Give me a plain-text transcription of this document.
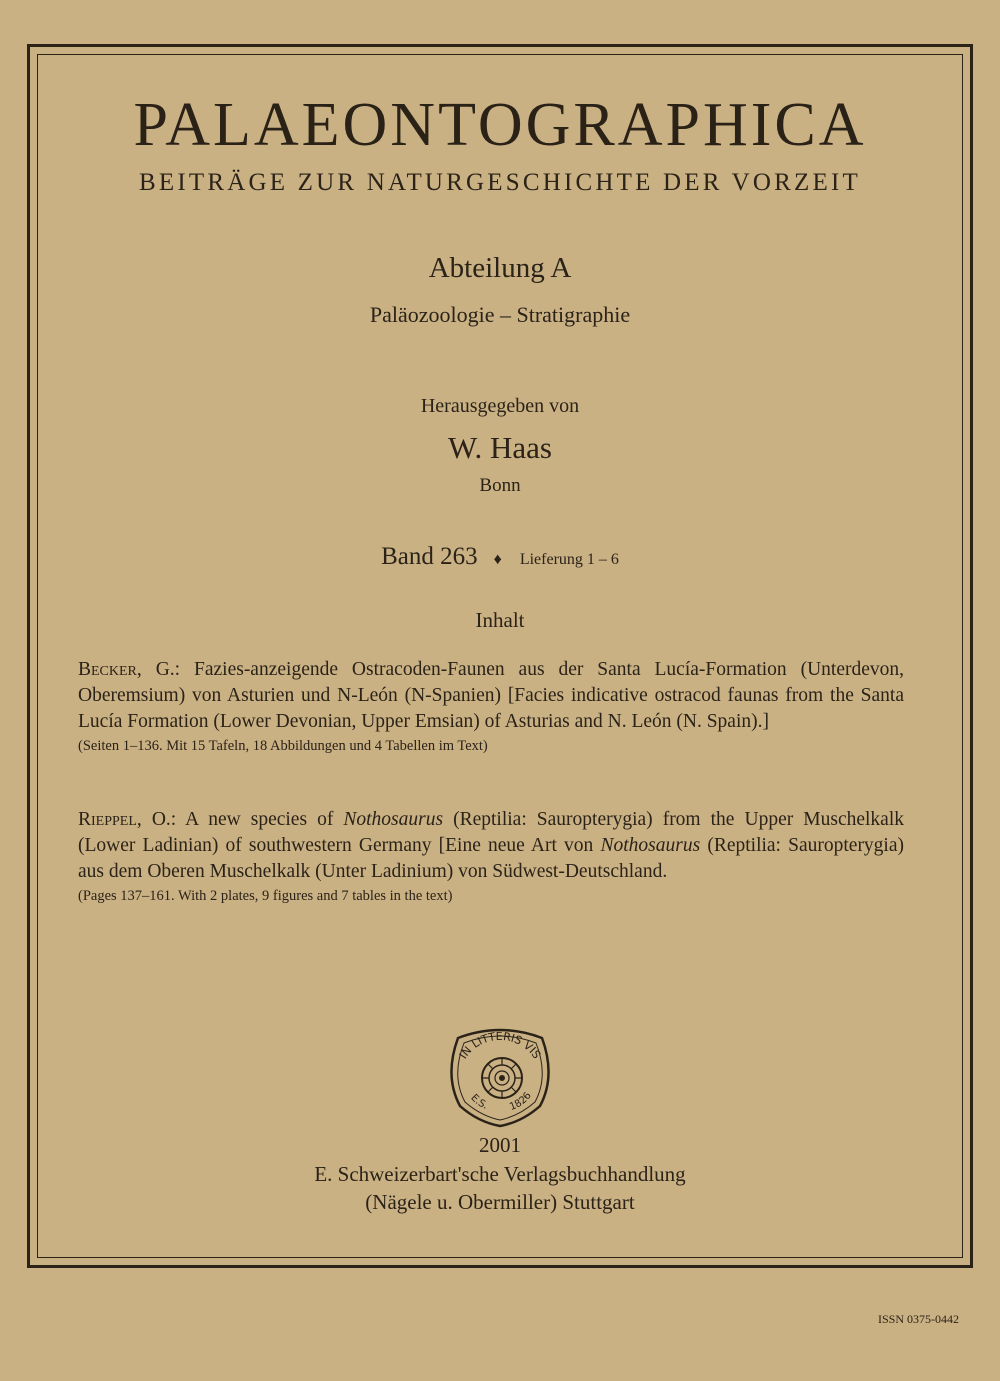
PALAEONTOGRAPHICA
BEITRÄGE ZUR NATURGESCHICHTE DER VORZEIT
Abteilung A
Paläozoologie – Stratigraphie
Herausgegeben von
W. Haas
Bonn
Band 263 ♦ Lieferung 1 – 6
Inhalt
Becker, G.: Fazies-anzeigende Ostracoden-Faunen aus der Santa Lucía-Formation (Unterdevon, Oberemsium) von Asturien und N-León (N-Spanien) [Facies indicative ostracod faunas from the Santa Lucía Formation (Lower Devonian, Upper Emsian) of Asturias and N. León (N. Spain).]
(Seiten 1–136. Mit 15 Tafeln, 18 Abbildungen und 4 Tabellen im Text)
Rieppel, O.: A new species of Nothosaurus (Reptilia: Sauropterygia) from the Upper Muschelkalk (Lower Ladinian) of southwestern Germany [Eine neue Art von Nothosaurus (Reptilia: Sauropterygia) aus dem Oberen Muschelkalk (Unter Ladinium) von Südwest-Deutschland.
(Pages 137–161. With 2 plates, 9 figures and 7 tables in the text)
IN LITTERIS VIS
E.S. 1826
2001
E. Schweizerbart'sche Verlagsbuchhandlung
(Nägele u. Obermiller) Stuttgart
ISSN 0375-0442
